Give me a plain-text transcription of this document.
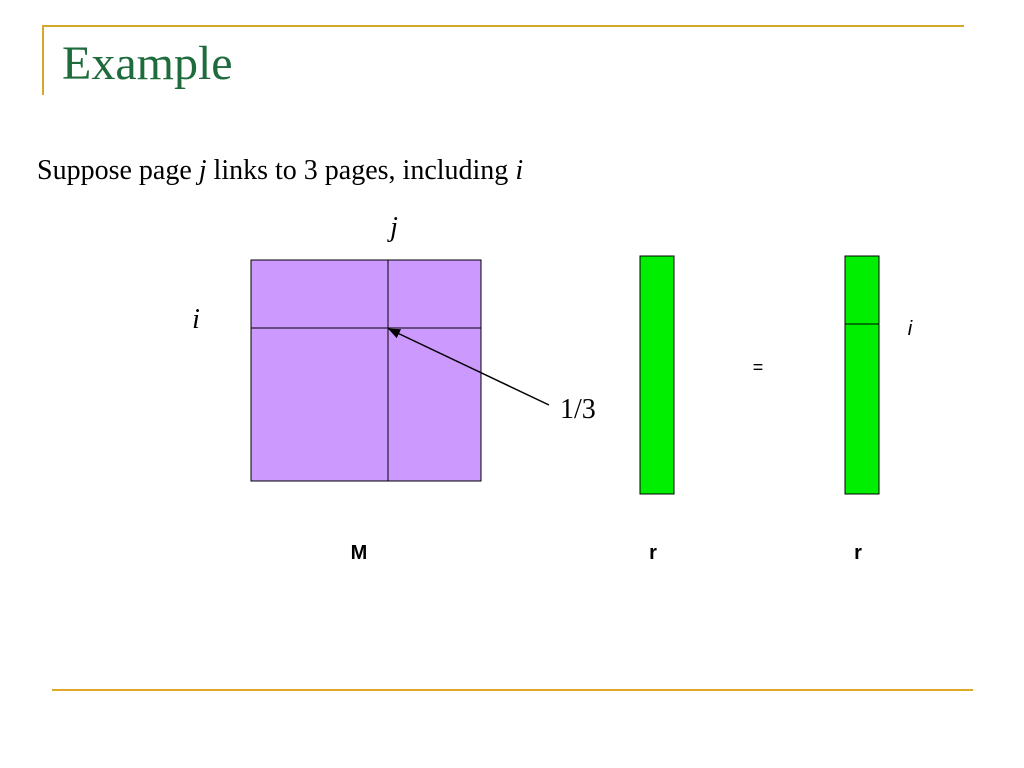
Example
Suppose page j links to 3 pages, including i
j
i
1/3
=
i
M	r	r
